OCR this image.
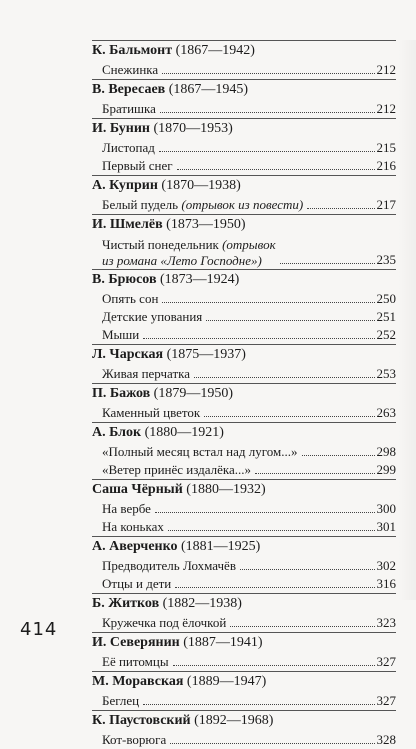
К. Бальмонт (1867—1942)
Снежинка	212
В. Вересаев (1867—1945)
Братишка	212
И. Бунин (1870—1953)
Листопад	215
Первый снег	216
А. Куприн (1870—1938)
Белый пудель (отрывок из повести)	217
И. Шмелёв (1873—1950)
Чистый понедельник (отрывок
из романа «Лето Господне»)	235
В. Брюсов (1873—1924)
Опять сон	250
Детские упования	251
Мыши	252
Л. Чарская (1875—1937)
Живая перчатка	253
П. Бажов (1879—1950)
Каменный цветок	263
А. Блок (1880—1921)
«Полный месяц встал над лугом...»	298
«Ветер принёс издалёка...»	299
Саша Чёрный (1880—1932)
На вербе	300
На коньках	301
А. Аверченко (1881—1925)
Предводитель Лохмачёв	302
Отцы и дети	316
Б. Житков (1882—1938)
Кружечка под ёлочкой	323
И. Северянин (1887—1941)
Её питомцы	327
М. Моравская (1889—1947)
Беглец	327
К. Паустовский (1892—1968)
Кот-ворюга	328
414
